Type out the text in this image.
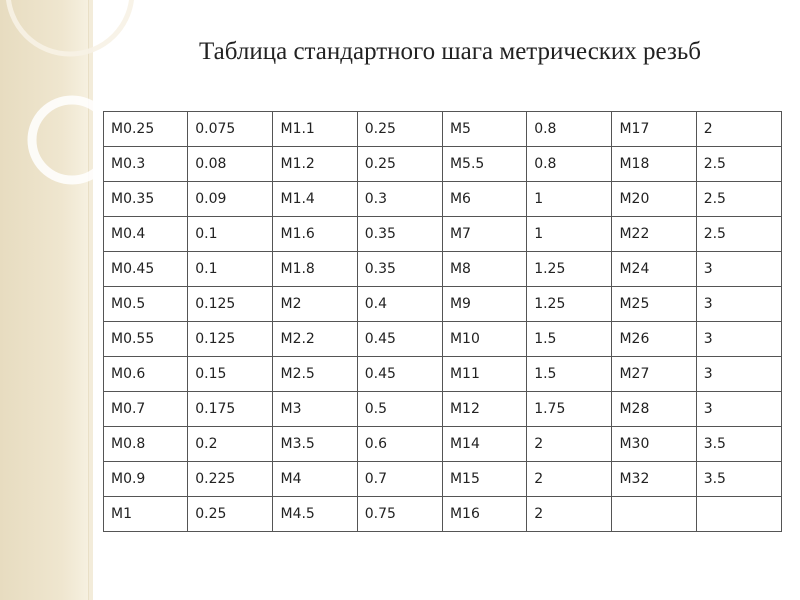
Таблица стандартного шага метрических резьб
M0.25	0.075	M1.1	0.25	M5	0.8	M17	2
M0.3	0.08	M1.2	0.25	M5.5	0.8	M18	2.5
M0.35	0.09	M1.4	0.3	M6	1	M20	2.5
M0.4	0.1	M1.6	0.35	M7	1	M22	2.5
M0.45	0.1	M1.8	0.35	M8	1.25	M24	3
M0.5	0.125	M2	0.4	M9	1.25	M25	3
M0.55	0.125	M2.2	0.45	M10	1.5	M26	3
M0.6	0.15	M2.5	0.45	M11	1.5	M27	3
M0.7	0.175	M3	0.5	M12	1.75	M28	3
M0.8	0.2	M3.5	0.6	M14	2	M30	3.5
M0.9	0.225	M4	0.7	M15	2	M32	3.5
M1	0.25	M4.5	0.75	M16	2		
